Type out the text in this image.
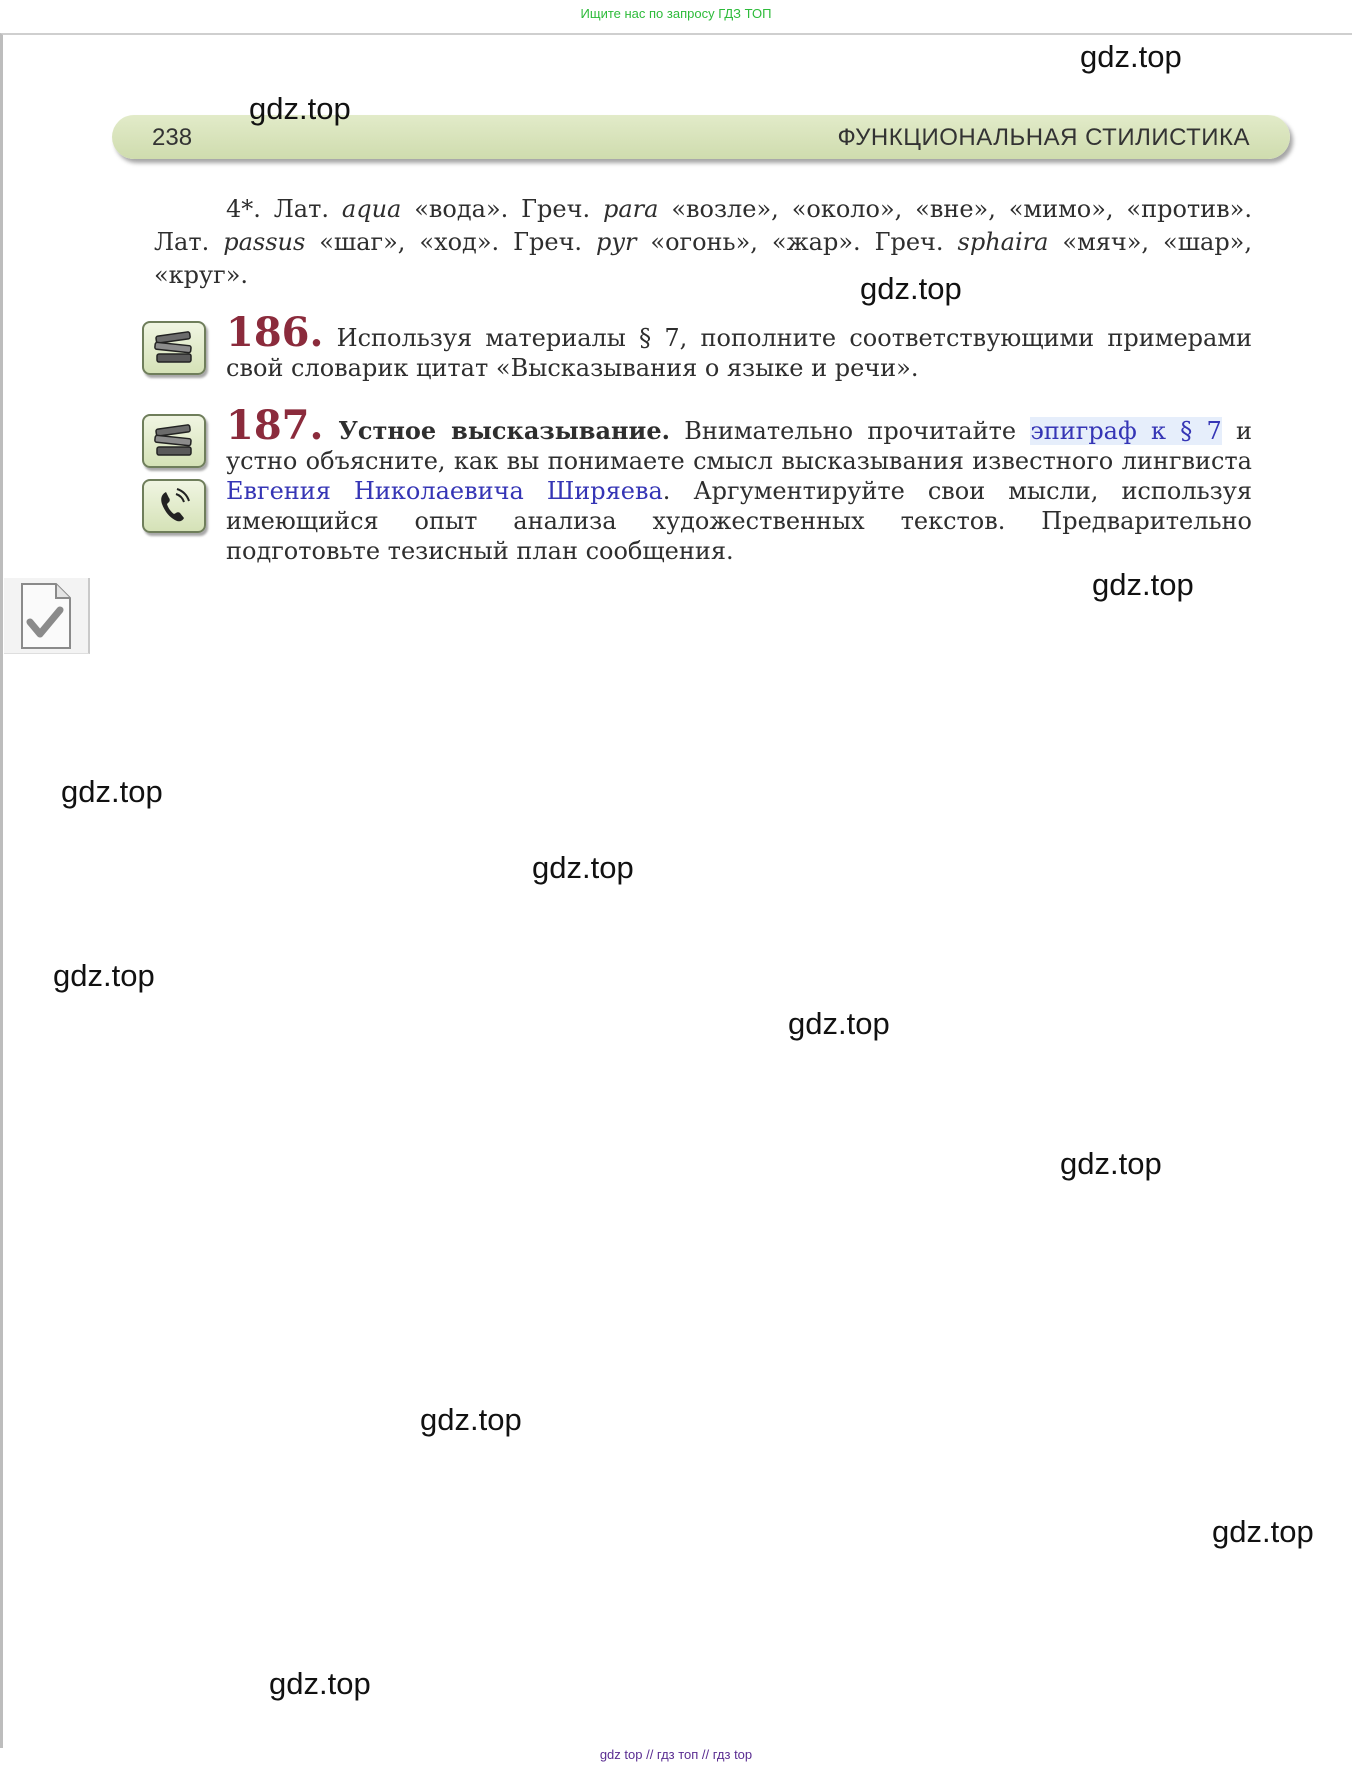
Ищите нас по запросу ГДЗ ТОП
238	ФУНКЦИОНАЛЬНАЯ СТИЛИСТИКА
4*. Лат. aqua «вода». Греч. para «возле», «около», «вне», «мимо», «против». Лат. passus «шаг», «ход». Греч. pyr «огонь», «жар». Греч. sphaira «мяч», «шар», «круг».
186. Используя материалы § 7, пополните соответствующими примерами свой словарик цитат «Высказывания о языке и речи».
187. Устное высказывание. Внимательно прочитайте эпиграф к § 7 и устно объясните, как вы понимаете смысл высказывания известного лингвиста Евгения Николаевича Ширяева. Аргументируйте свои мысли, используя имеющийся опыт анализа художественных текстов. Предварительно подготовьте тезисный план сообщения.
gdz.top
gdz.top
gdz.top
gdz.top
gdz.top
gdz.top
gdz.top
gdz.top
gdz.top
gdz.top
gdz.top
gdz.top
gdz top // гдз топ // гдз top
